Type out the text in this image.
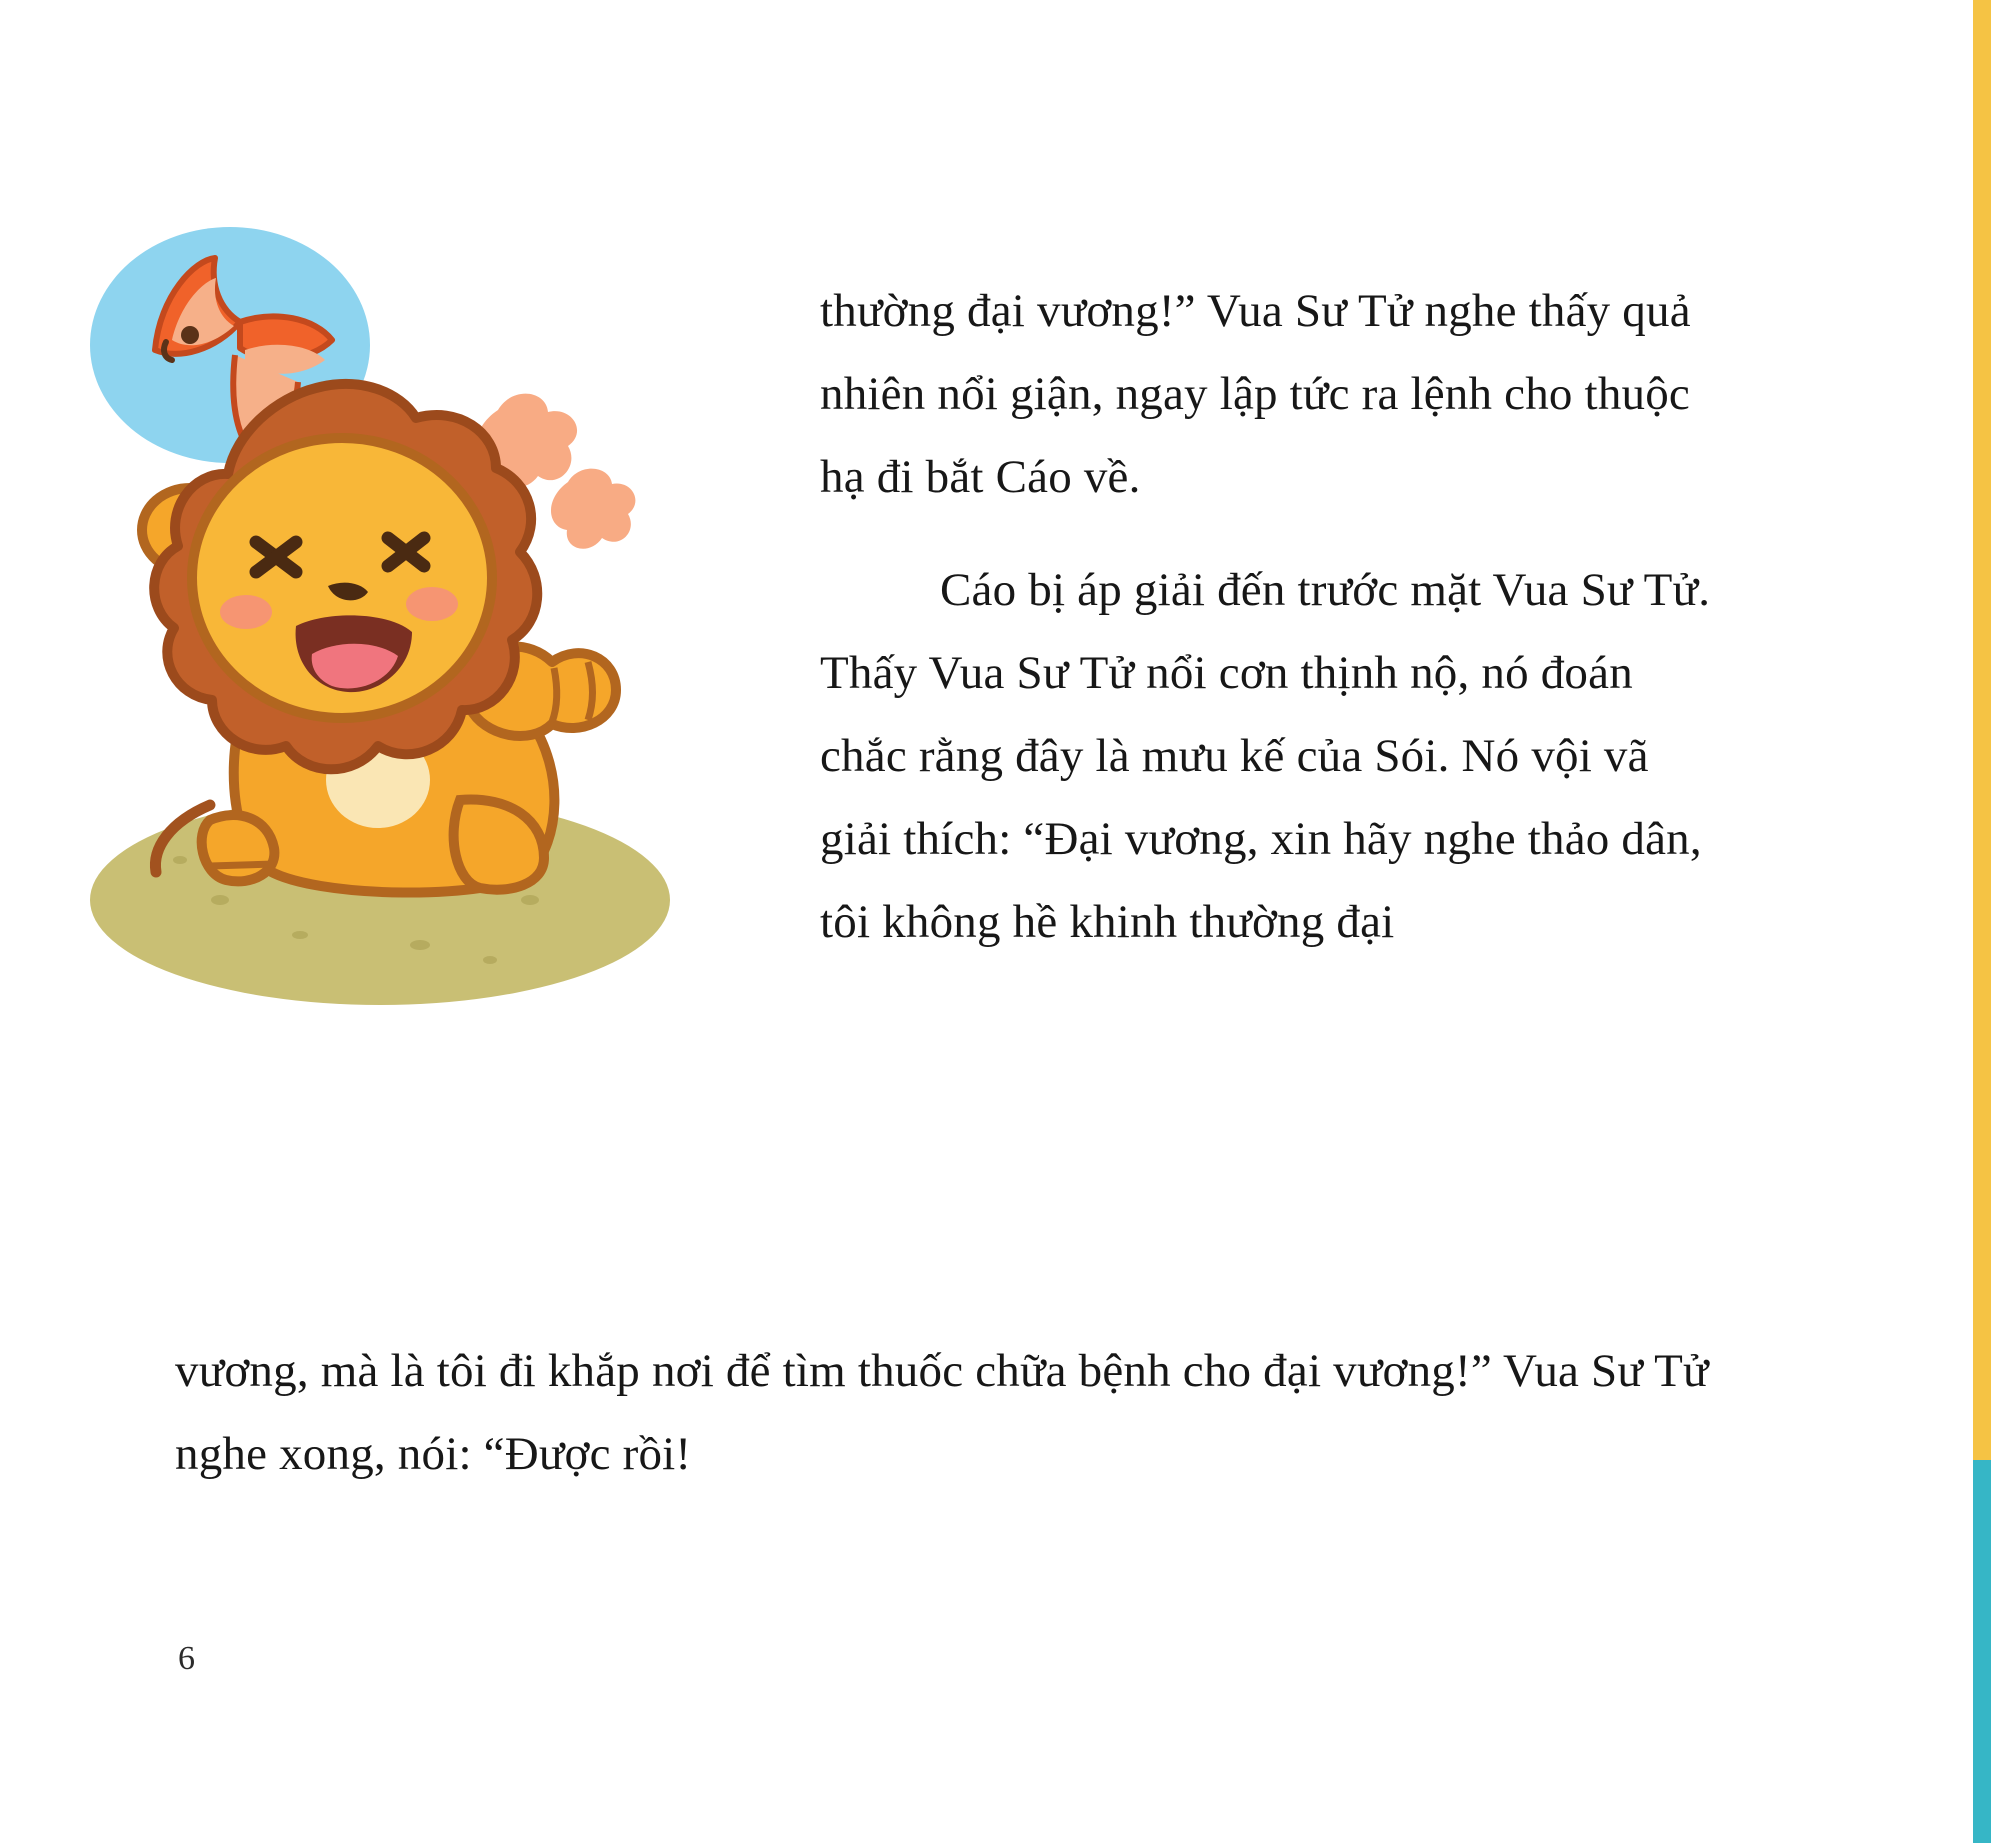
thường đại vương!” Vua Sư Tử nghe thấy quả nhiên nổi giận, ngay lập tức ra lệnh cho thuộc hạ đi bắt Cáo về.

Cáo bị áp giải đến trước mặt Vua Sư Tử. Thấy Vua Sư Tử nổi cơn thịnh nộ, nó đoán chắc rằng đây là mưu kế của Sói. Nó vội vã giải thích: “Đại vương, xin hãy nghe thảo dân, tôi không hề khinh thường đại

vương, mà là tôi đi khắp nơi để tìm thuốc chữa bệnh cho đại vương!” Vua Sư Tử nghe xong, nói: “Được rồi!

6
